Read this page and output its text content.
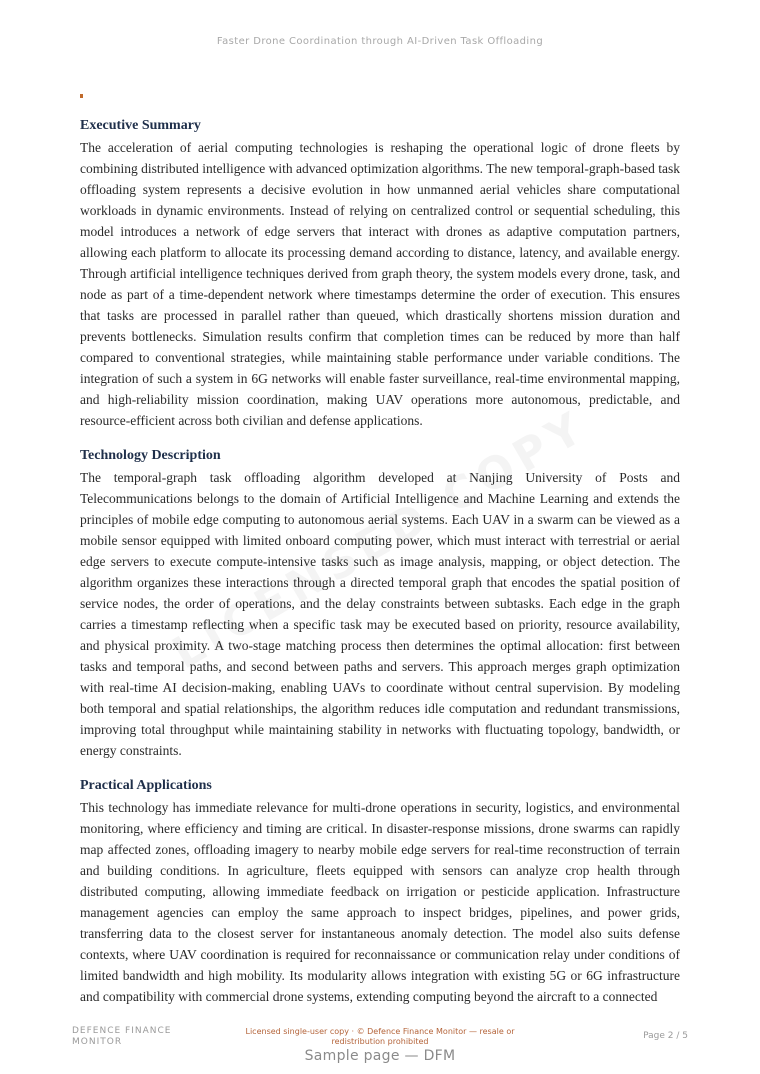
Faster Drone Coordination through AI-Driven Task Offloading
Executive Summary

The acceleration of aerial computing technologies is reshaping the operational logic of drone fleets by combining distributed intelligence with advanced optimization algorithms. The new temporal-graph-based task offloading system represents a decisive evolution in how unmanned aerial vehicles share computational workloads in dynamic environments. Instead of relying on centralized control or sequential scheduling, this model introduces a network of edge servers that interact with drones as adaptive computation partners, allowing each platform to allocate its processing demand according to distance, latency, and available energy. Through artificial intelligence techniques derived from graph theory, the system models every drone, task, and node as part of a time-dependent network where timestamps determine the order of execution. This ensures that tasks are processed in parallel rather than queued, which drastically shortens mission duration and prevents bottlenecks. Simulation results confirm that completion times can be reduced by more than half compared to conventional strategies, while maintaining stable performance under variable conditions. The integration of such a system in 6G networks will enable faster surveillance, real-time environmental mapping, and high-reliability mission coordination, making UAV operations more autonomous, predictable, and resource-efficient across both civilian and defense applications.

Technology Description

The temporal-graph task offloading algorithm developed at Nanjing University of Posts and Telecommunications belongs to the domain of Artificial Intelligence and Machine Learning and extends the principles of mobile edge computing to autonomous aerial systems. Each UAV in a swarm can be viewed as a mobile sensor equipped with limited onboard computing power, which must interact with terrestrial or aerial edge servers to execute compute-intensive tasks such as image analysis, mapping, or object detection. The algorithm organizes these interactions through a directed temporal graph that encodes the spatial position of service nodes, the order of operations, and the delay constraints between subtasks. Each edge in the graph carries a timestamp reflecting when a specific task may be executed based on priority, resource availability, and physical proximity. A two-stage matching process then determines the optimal allocation: first between tasks and temporal paths, and second between paths and servers. This approach merges graph optimization with real-time AI decision-making, enabling UAVs to coordinate without central supervision. By modeling both temporal and spatial relationships, the algorithm reduces idle computation and redundant transmissions, improving total throughput while maintaining stability in networks with fluctuating topology, bandwidth, or energy constraints.

Practical Applications

This technology has immediate relevance for multi-drone operations in security, logistics, and environmental monitoring, where efficiency and timing are critical. In disaster-response missions, drone swarms can rapidly map affected zones, offloading imagery to nearby mobile edge servers for real-time reconstruction of terrain and building conditions. In agriculture, fleets equipped with sensors can analyze crop health through distributed computing, allowing immediate feedback on irrigation or pesticide application. Infrastructure management agencies can employ the same approach to inspect bridges, pipelines, and power grids, transferring data to the closest server for instantaneous anomaly detection. The model also suits defense contexts, where UAV coordination is required for reconnaissance or communication relay under conditions of limited bandwidth and high mobility. Its modularity allows integration with existing 5G or 6G infrastructure and compatibility with commercial drone systems, extending computing beyond the aircraft to a connected

DEFENCE FINANCE MONITOR
Licensed single-user copy · © Defence Finance Monitor — resale or redistribution prohibited
Page 2 / 5
Sample page — DFM
